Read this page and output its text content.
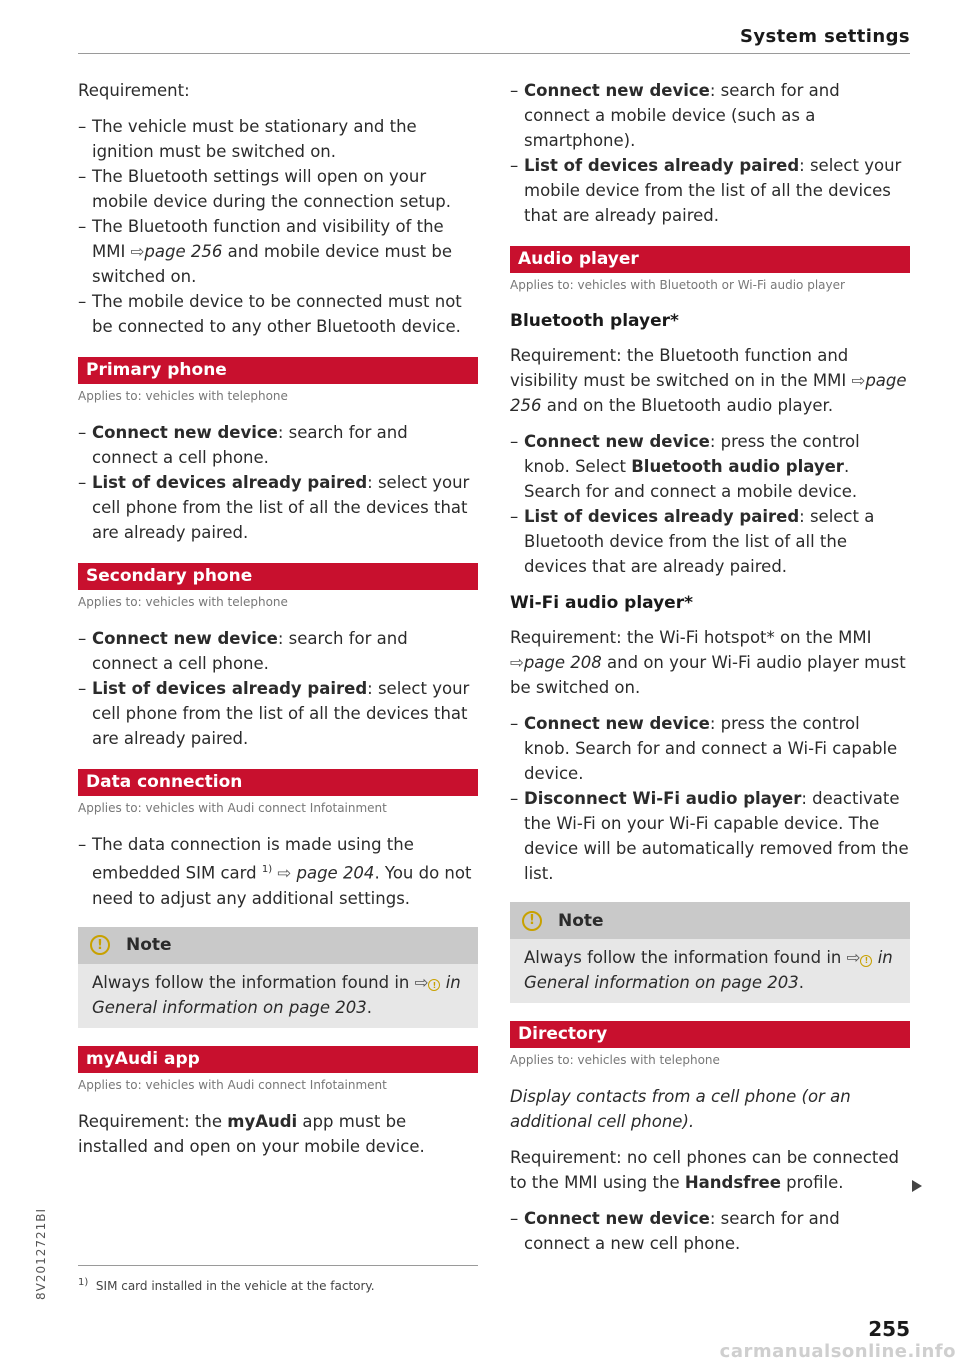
System settings

Requirement:

– The vehicle must be stationary and the ignition must be switched on.
– The Bluetooth settings will open on your mobile device during the connection setup.
– The Bluetooth function and visibility of the MMI ⇨page 256 and mobile device must be switched on.
– The mobile device to be connected must not be connected to any other Bluetooth device.
Primary phone
Applies to: vehicles with telephone
– Connect new device: search for and connect a cell phone.
– List of devices already paired: select your cell phone from the list of all the devices that are already paired.
Secondary phone
Applies to: vehicles with telephone
– Connect new device: search for and connect a cell phone.
– List of devices already paired: select your cell phone from the list of all the devices that are already paired.
Data connection
Applies to: vehicles with Audi connect Infotainment
– The data connection is made using the embedded SIM card $^{1)}$ ⇨ page 204. You do not need to adjust any additional settings.
!	Note
Always follow the information found in ⇨ ! in General information on page 203.
myAudi app
Applies to: vehicles with Audi connect Infotainment

Requirement: the myAudi app must be installed and open on your mobile device.

– Connect new device: search for and connect a mobile device (such as a smartphone).
– List of devices already paired: select your mobile device from the list of all the devices that are already paired.
Audio player
Applies to: vehicles with Bluetooth or Wi-Fi audio player
Bluetooth player*

Requirement: the Bluetooth function and visibility must be switched on in the MMI ⇨page 256 and on the Bluetooth audio player.

– Connect new device: press the control knob. Select Bluetooth audio player. Search for and connect a mobile device.
– List of devices already paired: select a Bluetooth device from the list of all the devices that are already paired.
Wi-Fi audio player*

Requirement: the Wi-Fi hotspot* on the MMI ⇨page 208 and on your Wi-Fi audio player must be switched on.

– Connect new device: press the control knob. Search for and connect a Wi-Fi capable device.
– Disconnect Wi-Fi audio player: deactivate the Wi-Fi on your Wi-Fi capable device. The device will be automatically removed from the list.
!	Note
Always follow the information found in ⇨ ! in General information on page 203.
Directory
Applies to: vehicles with telephone

Display contacts from a cell phone (or an additional cell phone).

Requirement: no cell phones can be connected to the MMI using the Handsfree profile.

– Connect new device: search for and connect a new cell phone.
$^{1)}$ SIM card installed in the vehicle at the factory.
8V2012721BI
255
carmanualsonline.info
